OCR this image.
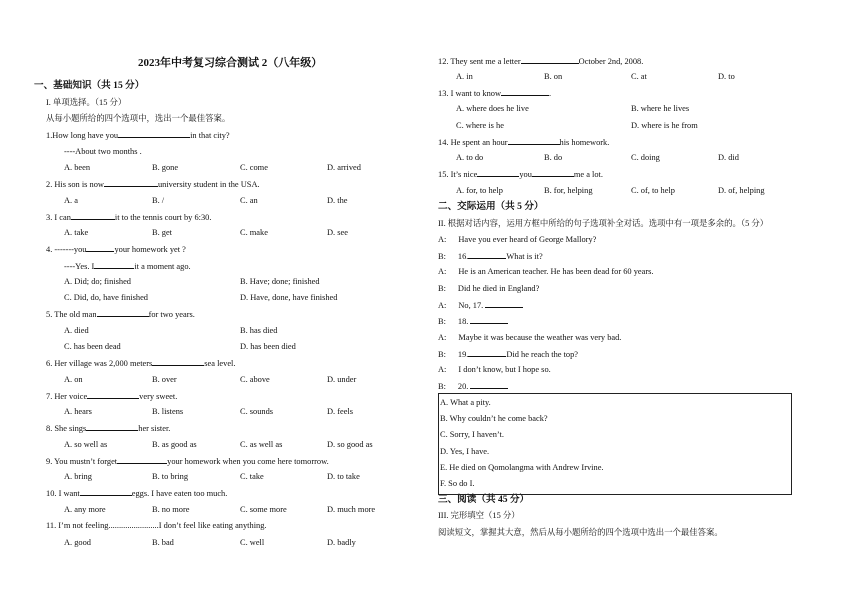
2023年中考复习综合测试 2（八年级）
一、基础知识（共 15 分）
I. 单项选择。（15 分）
从每小题所给的四个选项中，选出一个最佳答案。
1.How long have you	in that city?
----About two months .
A. been	B. gone	C. come	D. arrived
2. His son is now	university student in the USA.
A. a	B. /	C. an	D. the
3. I can	it to the tennis court by 6:30.
A. take	B. get	C. make	D. see
4. -------you	your homework yet ?
----Yes. I	it a moment ago.
A. Did; do; finished	B. Have; done; finished
C. Did, do, have finished	D. Have, done, have finished
5. The old man	for two years.
A. died	B. has died
C. has been dead	D. has been died
6. Her village was 2,000 meters	sea level.
A. on	B. over	C. above	D. under
7. Her voice	very sweet.
A. hears	B. listens	C. sounds	D. feels
8. She sings	her sister.
A. so well as	B. as good as	C. as well as	D. so good as
9. You mustn’t forget	your homework when you come here tomorrow.
A. bring	B. to bring	C. take	D. to take
10. I want	eggs. I have eaten too much.
A. any more	B. no more	C. some more	D. much more
11. I’m not feeling........................I don’t feel like eating anything.
A. good	B. bad	C. well	D. badly
12. They sent me a letter	October 2nd, 2008.
A. in	B. on	C. at	D. to
13. I want to know	.
A. where does he live	B. where he lives
C. where is he	D. where is he from
14. He spent an hour	his homework.
A. to do	B. do	C. doing	D. did
15. It’s nice	you	me a lot.
A. for, to help	B. for, helping	C. of, to help	D. of, helping
二、交际运用（共 5 分）
II. 根据对话内容，运用方框中所给的句子选项补全对话。选项中有一项是多余的。（5 分）
A: Have you ever heard of George Mallory?
B: 16.	What is it?
A: He is an American teacher. He has been dead for 60 years.
B: Did he died in England?
A: No, 17.
B: 18.
A: Maybe it was because the weather was very bad.
B: 19.	Did he reach the top?
A: I don’t know, but I hope so.
B: 20.
A. What a pity.
B. Why couldn’t he come back?
C. Sorry, I haven’t.
D. Yes, I have.
E. He died on Qomolangma with Andrew Irvine.
F. So do I.
三、阅读（共 45 分）
III. 完形填空（15 分）
阅读短文，掌握其大意，然后从每小题所给的四个选项中选出一个最佳答案。
